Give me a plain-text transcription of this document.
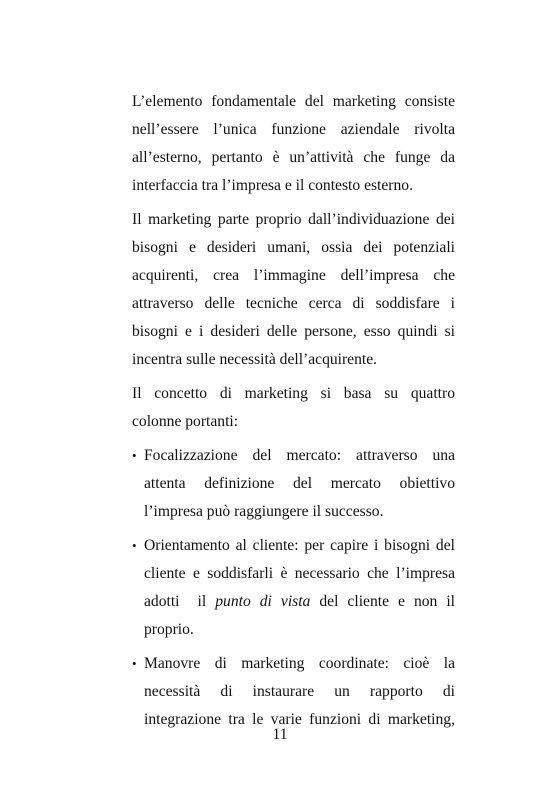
L’elemento fondamentale del marketing consiste
nell’essere l’unica funzione aziendale rivolta
all’esterno, pertanto è un’attività che funge da
interfaccia tra l’impresa e il contesto esterno.
Il marketing parte proprio dall’individuazione dei
bisogni e desideri umani, ossia dei potenziali
acquirenti, crea l’immagine dell’impresa che
attraverso delle tecniche cerca di soddisfare i
bisogni e i desideri delle persone, esso quindi si
incentra sulle necessità dell’acquirente.
Il concetto di marketing si basa su quattro
colonne portanti:
• Focalizzazione del mercato: attraverso una
attenta definizione del mercato obiettivo
l’impresa può raggiungere il successo.
• Orientamento al cliente: per capire i bisogni del
cliente e soddisfarli è necessario che l’impresa
adotti  il punto di vista del cliente e non il
proprio.
• Manovre di marketing coordinate: cioè la
necessità di instaurare un rapporto di
integrazione tra le varie funzioni di marketing,
11
